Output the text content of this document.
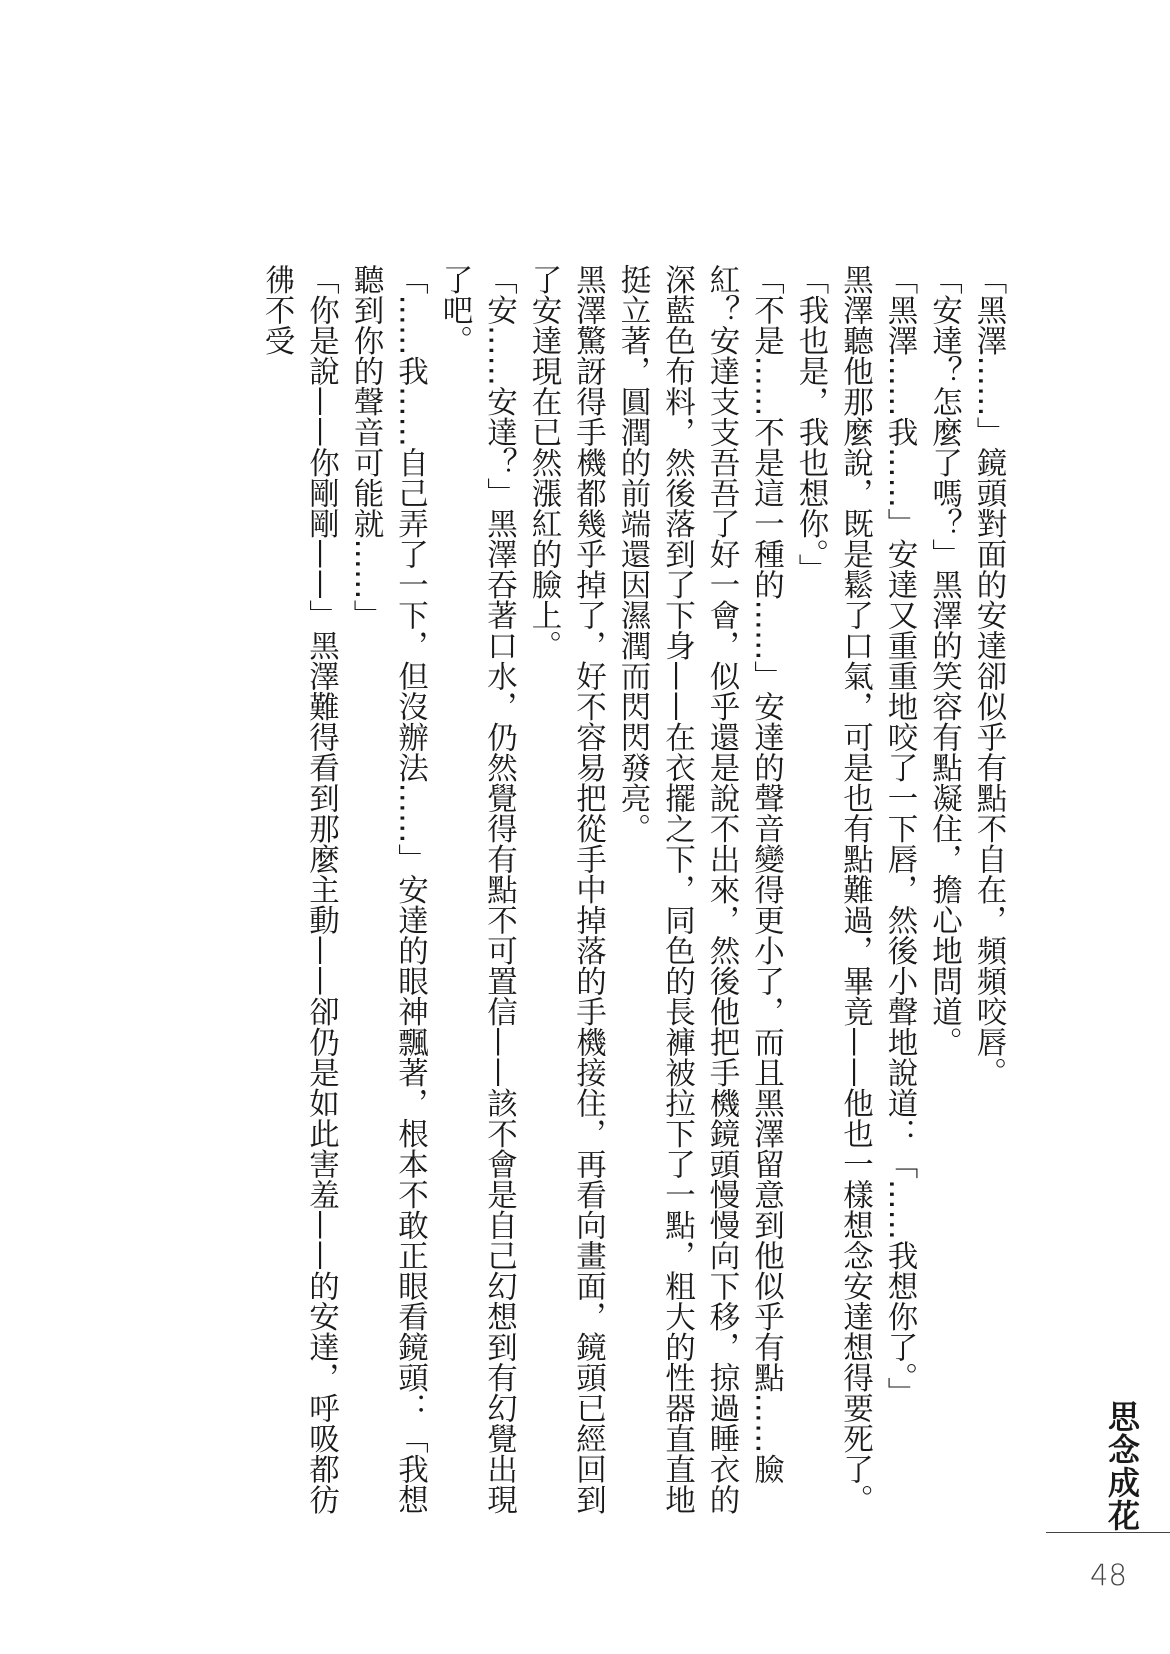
「黑澤……」鏡頭對面的安達卻似乎有點不自在，頻頻咬唇。

「安達？怎麼了嗎？」黑澤的笑容有點凝住，擔心地問道。

「黑澤……我……」安達又重重地咬了一下唇，然後小聲地說道：「……我想你了。」

黑澤聽他那麼說，既是鬆了口氣，可是也有點難過，畢竟——他也一樣想念安達想得要死了。

「我也是，我也想你。」

「不是……不是這一種的……」安達的聲音變得更小了，而且黑澤留意到他似乎有點……臉紅？安達支支吾吾了好一會，似乎還是說不出來，然後他把手機鏡頭慢慢向下移，掠過睡衣的深藍色布料，然後落到了下身——在衣擺之下，同色的長褲被拉下了一點，粗大的性器直直地挺立著，圓潤的前端還因濕潤而閃閃發亮。

黑澤驚訝得手機都幾乎掉了，好不容易把從手中掉落的手機接住，再看向畫面，鏡頭已經回到了安達現在已然漲紅的臉上。

「安……安達？」黑澤吞著口水，仍然覺得有點不可置信——該不會是自己幻想到有幻覺出現了吧。

「……我……自己弄了一下，但沒辦法……」安達的眼神飄著，根本不敢正眼看鏡頭：「我想聽到你的聲音可能就……」

「你是說——你剛剛——」黑澤難得看到那麼主動——卻仍是如此害羞——的安達，呼吸都彷彿不受

思念成花
48
